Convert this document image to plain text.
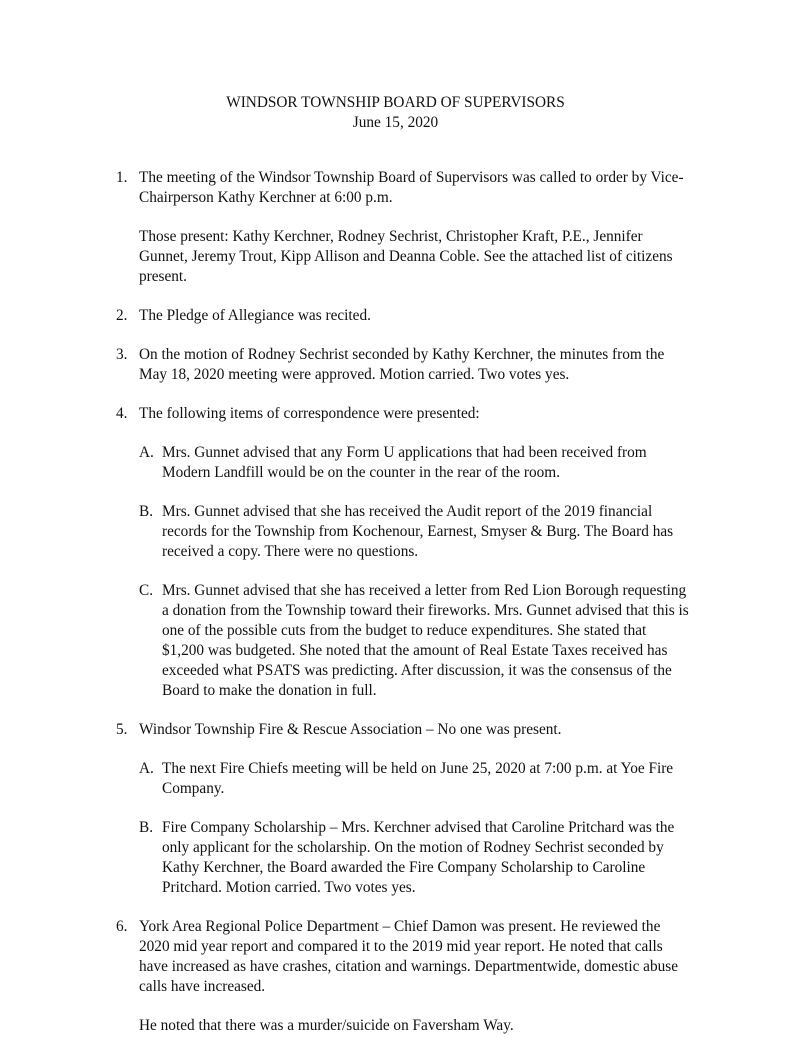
WINDSOR TOWNSHIP BOARD OF SUPERVISORS
June 15, 2020
1. The meeting of the Windsor Township Board of Supervisors was called to order by Vice-Chairperson Kathy Kerchner at 6:00 p.m.

Those present: Kathy Kerchner, Rodney Sechrist, Christopher Kraft, P.E., Jennifer Gunnet, Jeremy Trout, Kipp Allison and Deanna Coble. See the attached list of citizens present.

2. The Pledge of Allegiance was recited.

3. On the motion of Rodney Sechrist seconded by Kathy Kerchner, the minutes from the May 18, 2020 meeting were approved. Motion carried. Two votes yes.

4. The following items of correspondence were presented:

A. Mrs. Gunnet advised that any Form U applications that had been received from Modern Landfill would be on the counter in the rear of the room.

B. Mrs. Gunnet advised that she has received the Audit report of the 2019 financial records for the Township from Kochenour, Earnest, Smyser & Burg. The Board has received a copy. There were no questions.

C. Mrs. Gunnet advised that she has received a letter from Red Lion Borough requesting a donation from the Township toward their fireworks. Mrs. Gunnet advised that this is one of the possible cuts from the budget to reduce expenditures. She stated that $1,200 was budgeted. She noted that the amount of Real Estate Taxes received has exceeded what PSATS was predicting. After discussion, it was the consensus of the Board to make the donation in full.

5. Windsor Township Fire & Rescue Association – No one was present.

A. The next Fire Chiefs meeting will be held on June 25, 2020 at 7:00 p.m. at Yoe Fire Company.

B. Fire Company Scholarship – Mrs. Kerchner advised that Caroline Pritchard was the only applicant for the scholarship. On the motion of Rodney Sechrist seconded by Kathy Kerchner, the Board awarded the Fire Company Scholarship to Caroline Pritchard. Motion carried. Two votes yes.

6. York Area Regional Police Department – Chief Damon was present. He reviewed the 2020 mid year report and compared it to the 2019 mid year report. He noted that calls have increased as have crashes, citation and warnings. Departmentwide, domestic abuse calls have increased.

He noted that there was a murder/suicide on Faversham Way.
